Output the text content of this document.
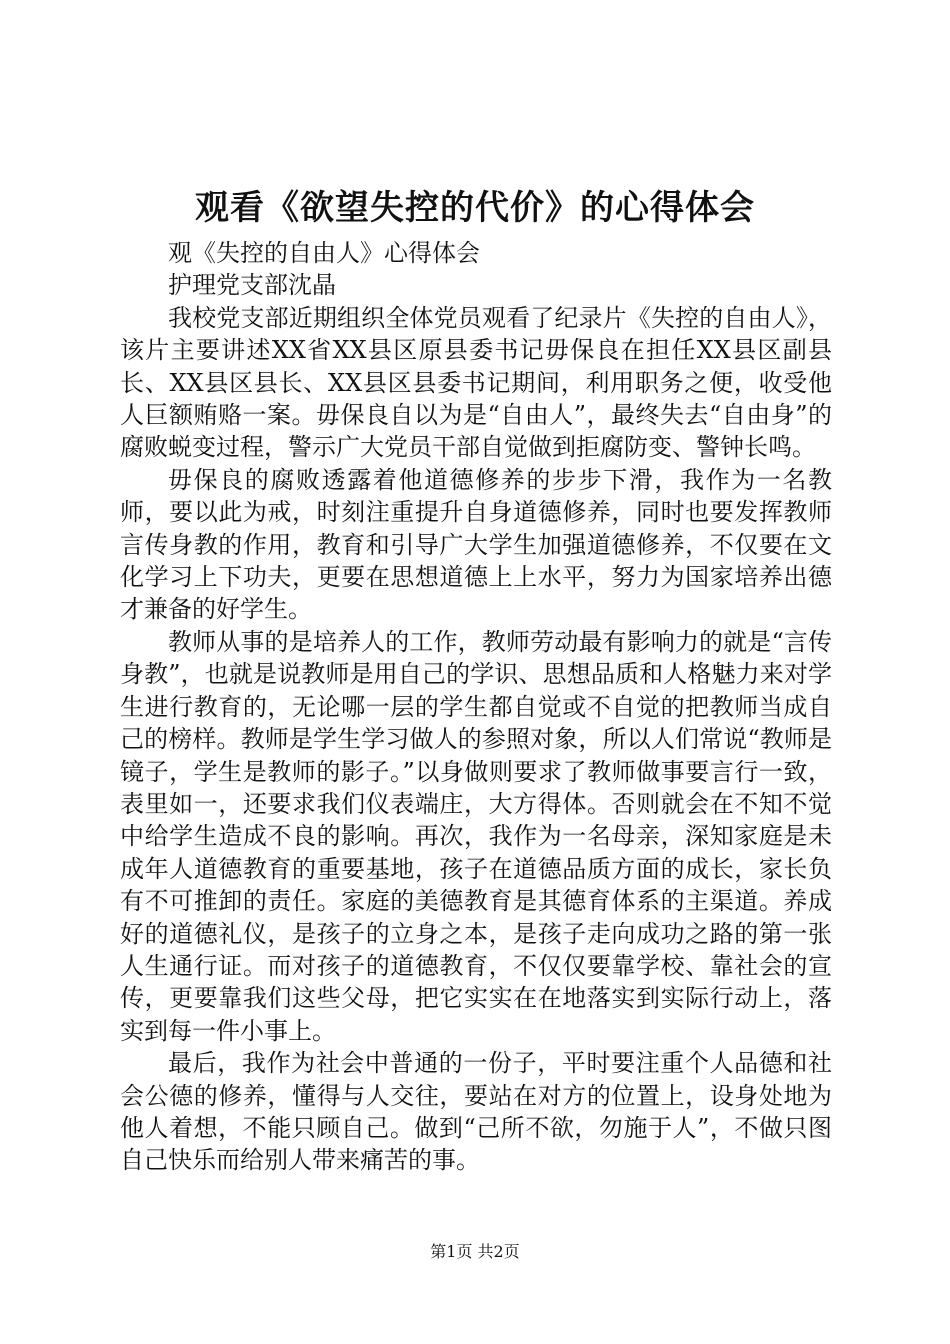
观看《欲望失控的代价》的心得体会

观《失控的自由人》心得体会

护理党支部沈晶

我校党支部近期组织全体党员观看了纪录片《失控的自由人》，该片主要讲述XX省XX县区原县委书记毋保良在担任XX县区副县长、XX县区县长、XX县区县委书记期间，利用职务之便，收受他人巨额贿赂一案。毋保良自以为是“自由人”，最终失去“自由身”的腐败蜕变过程，警示广大党员干部自觉做到拒腐防变、警钟长鸣。

毋保良的腐败透露着他道德修养的步步下滑，我作为一名教师，要以此为戒，时刻注重提升自身道德修养，同时也要发挥教师言传身教的作用，教育和引导广大学生加强道德修养，不仅要在文化学习上下功夫，更要在思想道德上上水平，努力为国家培养出德才兼备的好学生。

教师从事的是培养人的工作，教师劳动最有影响力的就是“言传身教”，也就是说教师是用自己的学识、思想品质和人格魅力来对学生进行教育的，无论哪一层的学生都自觉或不自觉的把教师当成自己的榜样。教师是学生学习做人的参照对象，所以人们常说“教师是镜子，学生是教师的影子。”以身做则要求了教师做事要言行一致，表里如一，还要求我们仪表端庄，大方得体。否则就会在不知不觉中给学生造成不良的影响。再次，我作为一名母亲，深知家庭是未成年人道德教育的重要基地，孩子在道德品质方面的成长，家长负有不可推卸的责任。家庭的美德教育是其德育体系的主渠道。养成好的道德礼仪，是孩子的立身之本，是孩子走向成功之路的第一张人生通行证。而对孩子的道德教育，不仅仅要靠学校、靠社会的宣传，更要靠我们这些父母，把它实实在在地落实到实际行动上，落实到每一件小事上。

最后，我作为社会中普通的一份子，平时要注重个人品德和社会公德的修养，懂得与人交往，要站在对方的位置上，设身处地为他人着想，不能只顾自己。做到“己所不欲，勿施于人”，不做只图自己快乐而给别人带来痛苦的事。

第1页 共2页
